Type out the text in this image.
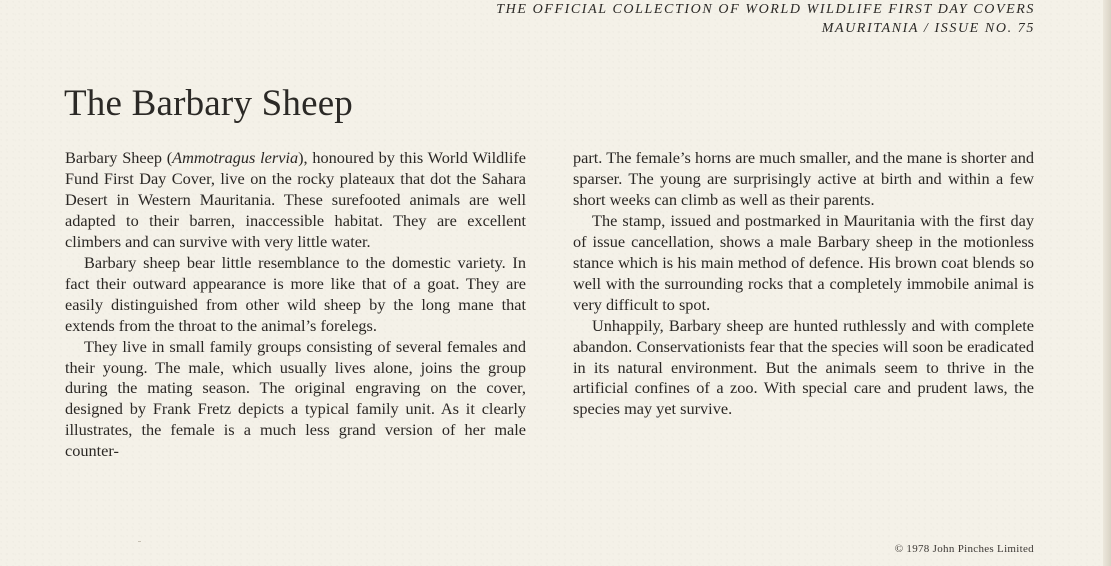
THE OFFICIAL COLLECTION OF WORLD WILDLIFE FIRST DAY COVERS
MAURITANIA / ISSUE NO. 75
The Barbary Sheep

Barbary Sheep (Ammotragus lervia), honoured by this World Wildlife Fund First Day Cover, live on the rocky plateaux that dot the Sahara Desert in Western Mauritania. These surefooted animals are well adapted to their barren, inaccessible habitat. They are excellent climbers and can survive with very little water.

Barbary sheep bear little resemblance to the domestic variety. In fact their outward appearance is more like that of a goat. They are easily distinguished from other wild sheep by the long mane that extends from the throat to the animal’s forelegs.

They live in small family groups consisting of several females and their young. The male, which usually lives alone, joins the group during the mating season. The original engraving on the cover, designed by Frank Fretz depicts a typical family unit. As it clearly illustrates, the female is a much less grand version of her male counter-

part. The female’s horns are much smaller, and the mane is shorter and sparser. The young are surprisingly active at birth and within a few short weeks can climb as well as their parents.

The stamp, issued and postmarked in Mauritania with the first day of issue cancellation, shows a male Barbary sheep in the motionless stance which is his main method of defence. His brown coat blends so well with the surrounding rocks that a completely immobile animal is very difficult to spot.

Unhappily, Barbary sheep are hunted ruthlessly and with complete abandon. Conservationists fear that the species will soon be eradicated in its natural environment. But the animals seem to thrive in the artificial confines of a zoo. With special care and prudent laws, the species may yet survive.

© 1978 John Pinches Limited
